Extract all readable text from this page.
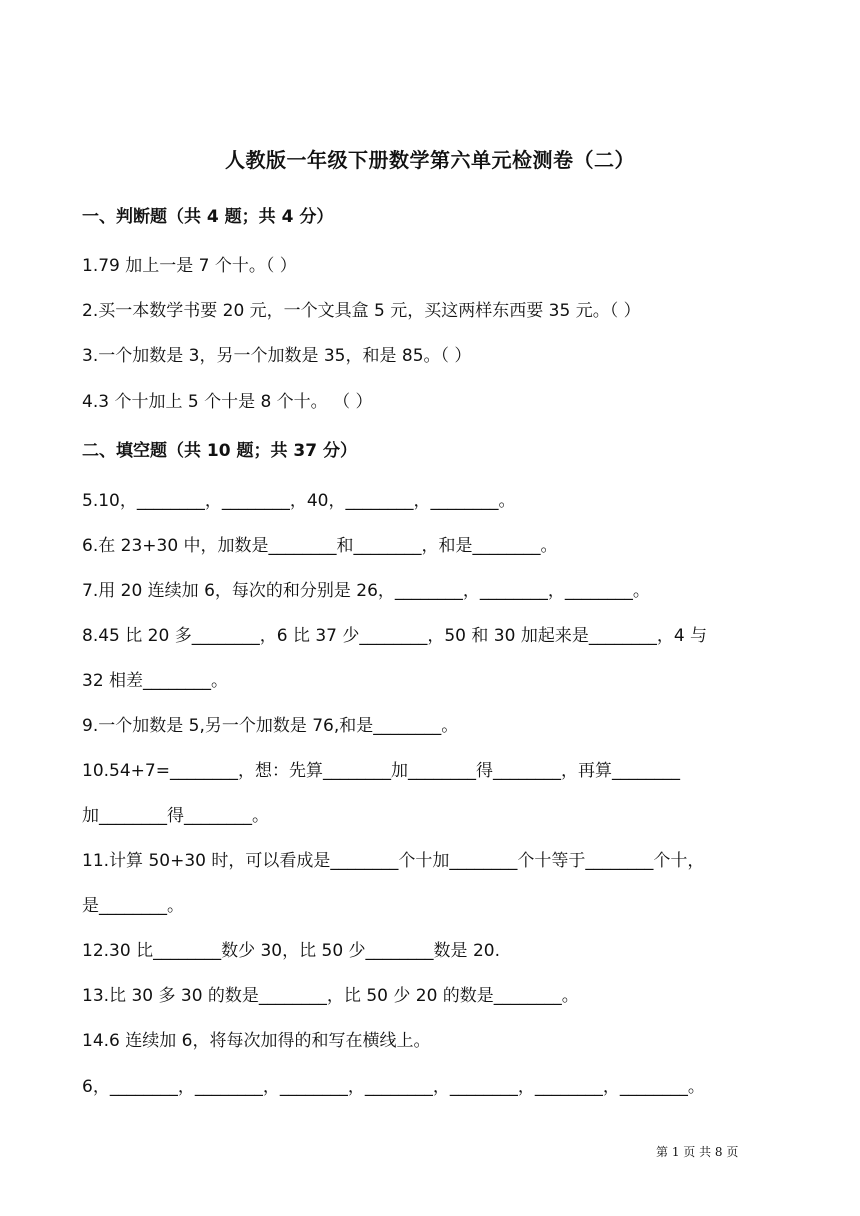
人教版一年级下册数学第六单元检测卷（二）
一、判断题（共 4 题；共 4 分）
1.79 加上一是 7 个十。（ ）
2.买一本数学书要 20 元，一个文具盒 5 元，买这两样东西要 35 元。（ ）
3.一个加数是 3，另一个加数是 35，和是 85。（ ）
4.3 个十加上 5 个十是 8 个十。 （ ）
二、填空题（共 10 题；共 37 分）
5.10，________，________，40，________，________。
6.在 23+30 中，加数是________和________，和是________。
7.用 20 连续加 6，每次的和分别是 26，________，________，________。
8.45 比 20 多________，6 比 37 少________，50 和 30 加起来是________，4 与
32 相差________。
9.一个加数是 5,另一个加数是 76,和是________。
10.54+7=________，想：先算________加________得________，再算________
加________得________。
11.计算 50+30 时，可以看成是________个十加________个十等于________个十，
是________。
12.30 比________数少 30，比 50 少________数是 20.
13.比 30 多 30 的数是________，比 50 少 20 的数是________。
14.6 连续加 6，将每次加得的和写在横线上。
6，________，________，________，________，________，________，________。
第 1 页 共 8 页
